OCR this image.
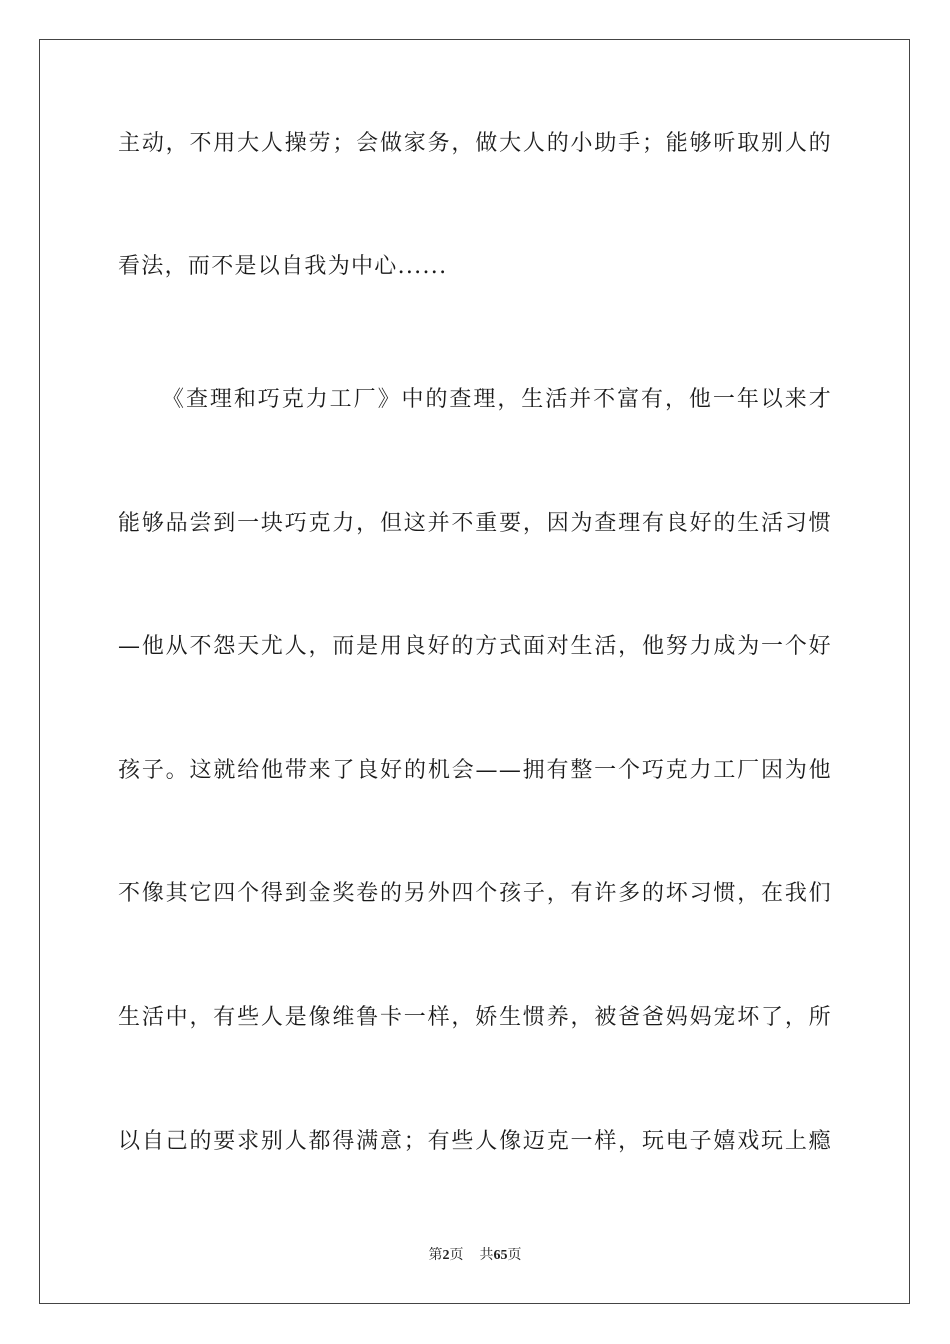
主动，不用大人操劳；会做家务，做大人的小助手；能够听取别人的
看法，而不是以自我为中心......
《查理和巧克力工厂》中的查理，生活并不富有，他一年以来才
能够品尝到一块巧克力，但这并不重要，因为查理有良好的生活习惯
—他从不怨天尤人，而是用良好的方式面对生活，他努力成为一个好
孩子。这就给他带来了良好的机会——拥有整一个巧克力工厂因为他
不像其它四个得到金奖卷的另外四个孩子，有许多的坏习惯，在我们
生活中，有些人是像维鲁卡一样，娇生惯养，被爸爸妈妈宠坏了，所
以自己的要求别人都得满意；有些人像迈克一样，玩电子嬉戏玩上瘾
第2页 共65页
